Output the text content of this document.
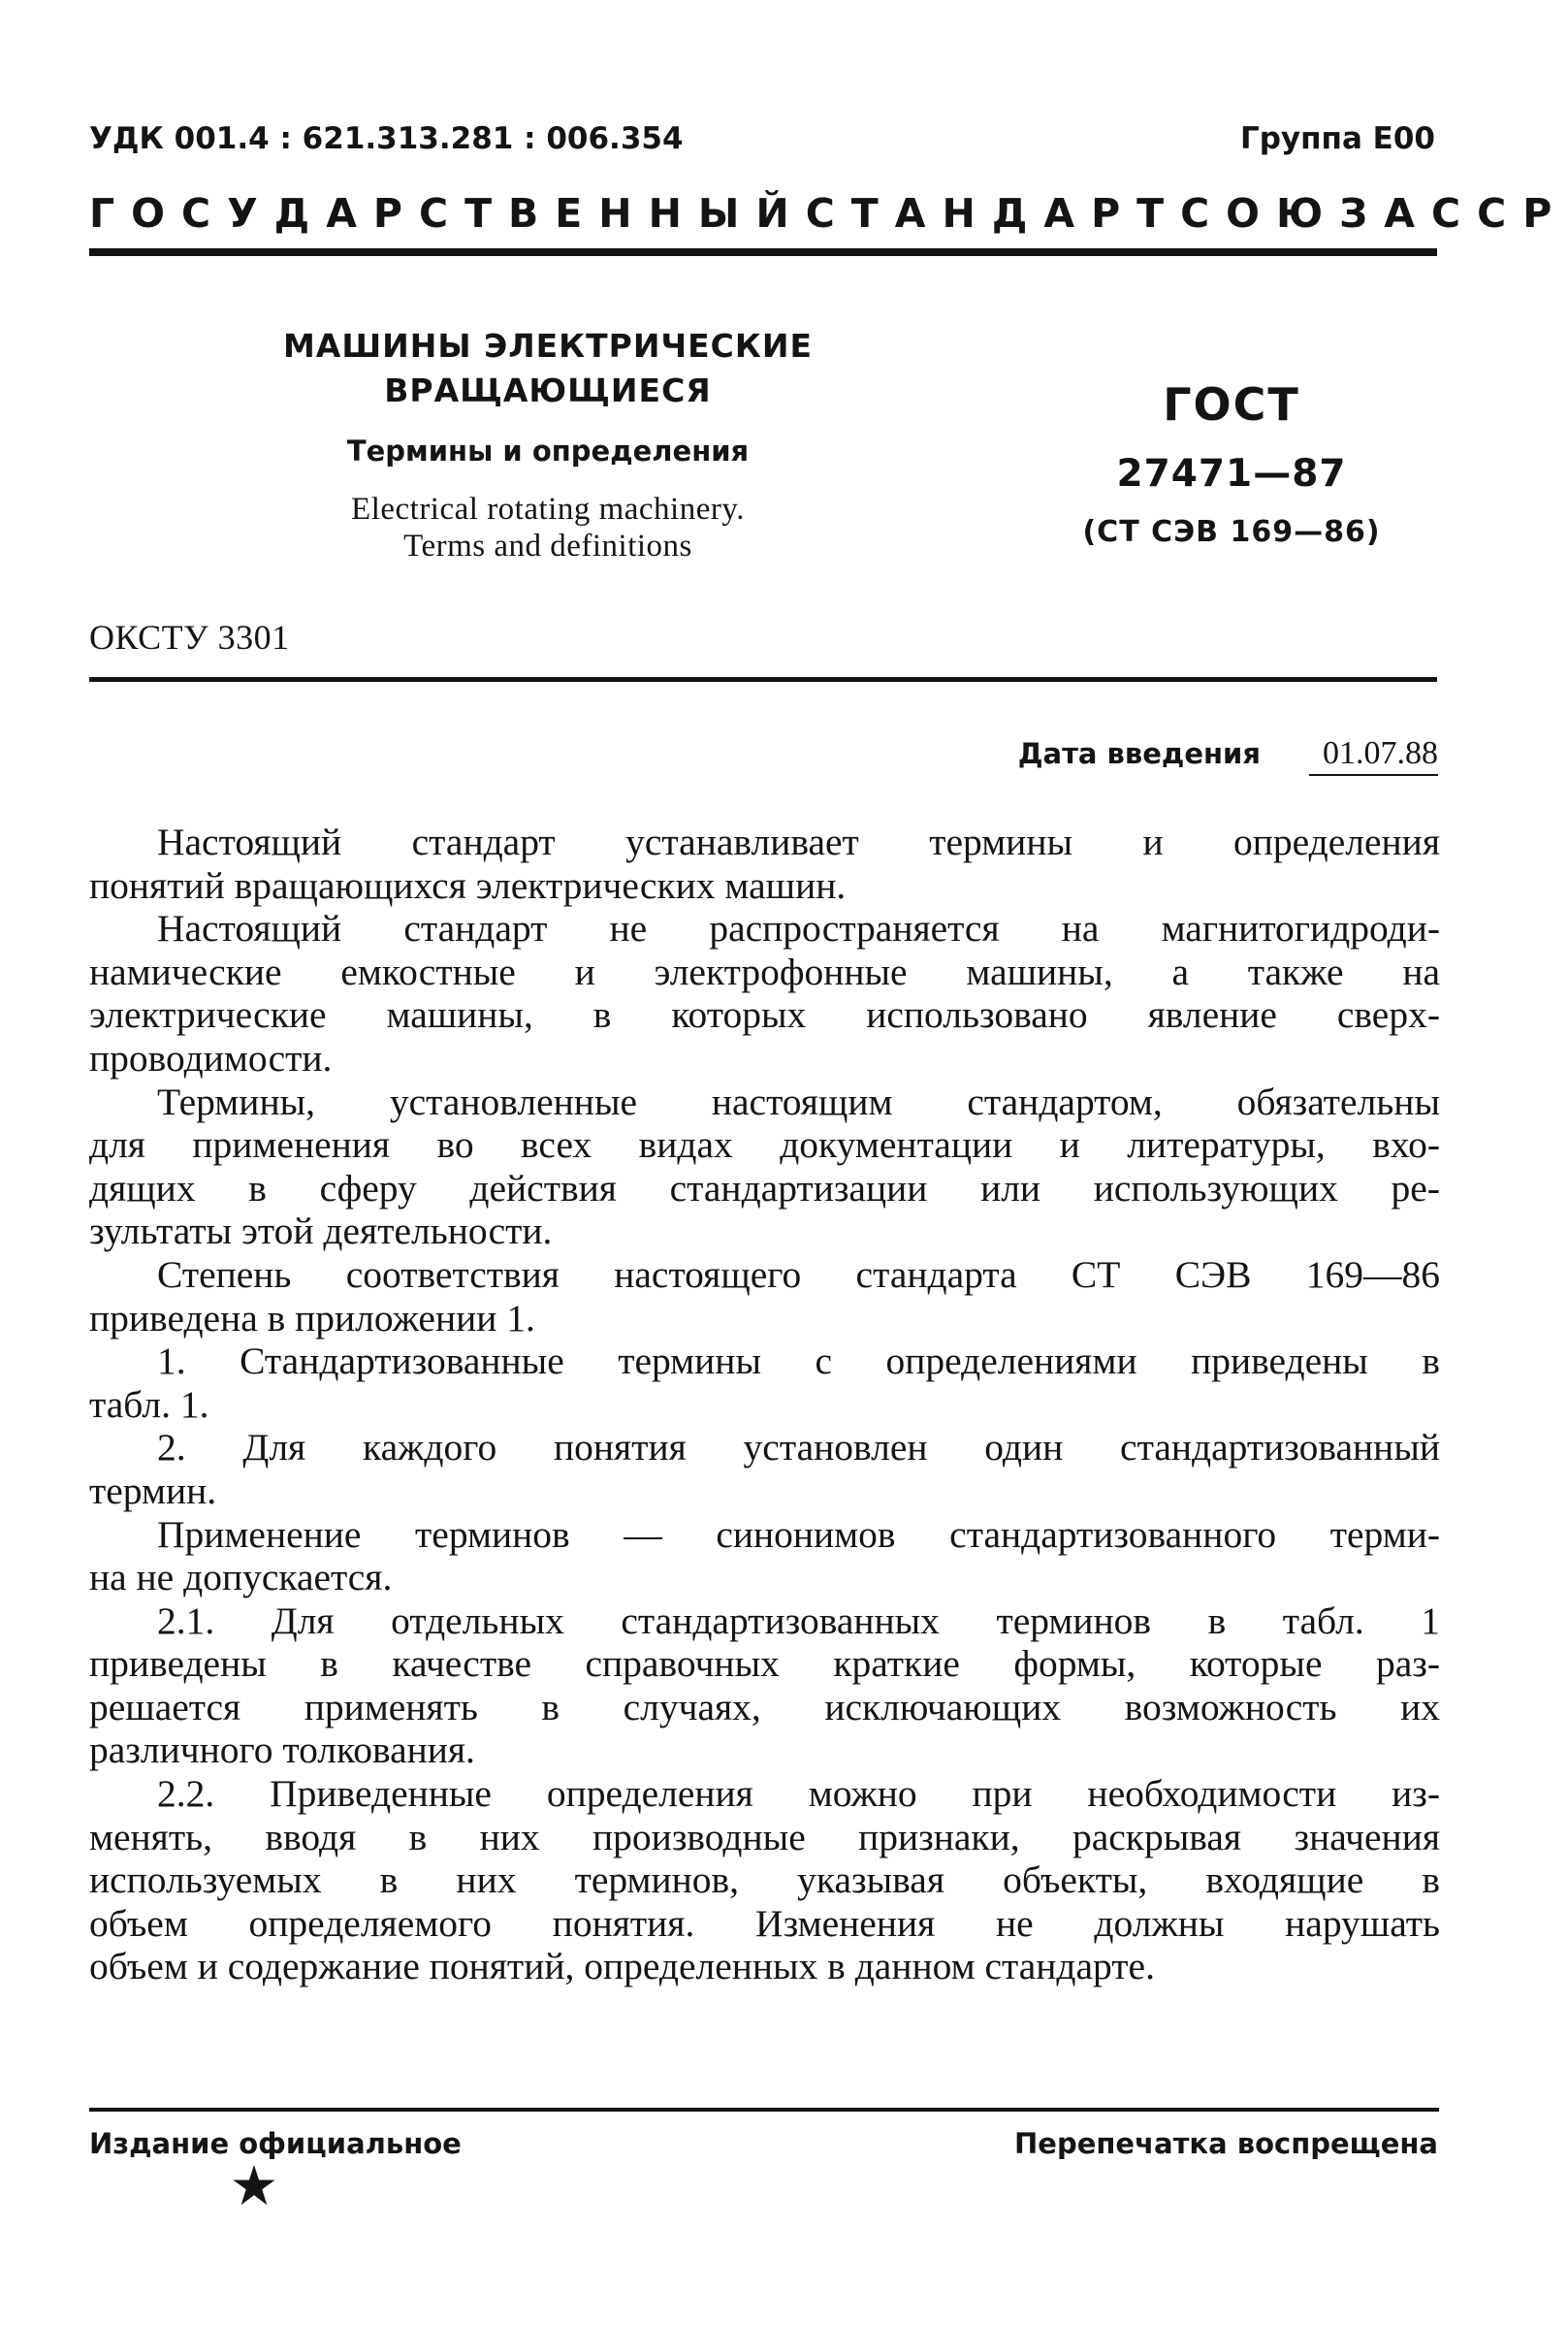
УДК 001.4 : 621.313.281 : 006.354	Группа Е00
ГОСУДАРСТВЕННЫЙ СТАНДАРТ СОЮЗА ССР
МАШИНЫ ЭЛЕКТРИЧЕСКИЕ
ВРАЩАЮЩИЕСЯ
Термины и определения
Electrical rotating machinery.
Terms and definitions
ГОСТ
27471—87
(СТ СЭВ 169—86)
ОКСТУ 3301
Дата введения	01.07.88

Настоящий стандарт устанавливает термины и определения

понятий вращающихся электрических машин.

Настоящий стандарт не распространяется на магнитогидроди-

намические емкостные и электрофонные машины, а также на

электрические машины, в которых использовано явление сверх-

проводимости.

Термины, установленные настоящим стандартом, обязательны

для применения во всех видах документации и литературы, вхо-

дящих в сферу действия стандартизации или использующих ре-

зультаты этой деятельности.

Степень соответствия настоящего стандарта СТ СЭВ 169—86

приведена в приложении 1.

1. Стандартизованные термины с определениями приведены в

табл. 1.

2. Для каждого понятия установлен один стандартизованный

термин.

Применение терминов — синонимов стандартизованного терми-

на не допускается.

2.1. Для отдельных стандартизованных терминов в табл. 1

приведены в качестве справочных краткие формы, которые раз-

решается применять в случаях, исключающих возможность их

различного толкования.

2.2. Приведенные определения можно при необходимости из-

менять, вводя в них производные признаки, раскрывая значения

используемых в них терминов, указывая объекты, входящие в

объем определяемого понятия. Изменения не должны нарушать

объем и содержание понятий, определенных в данном стандарте.

Издание официальное	Перепечатка воспрещена
